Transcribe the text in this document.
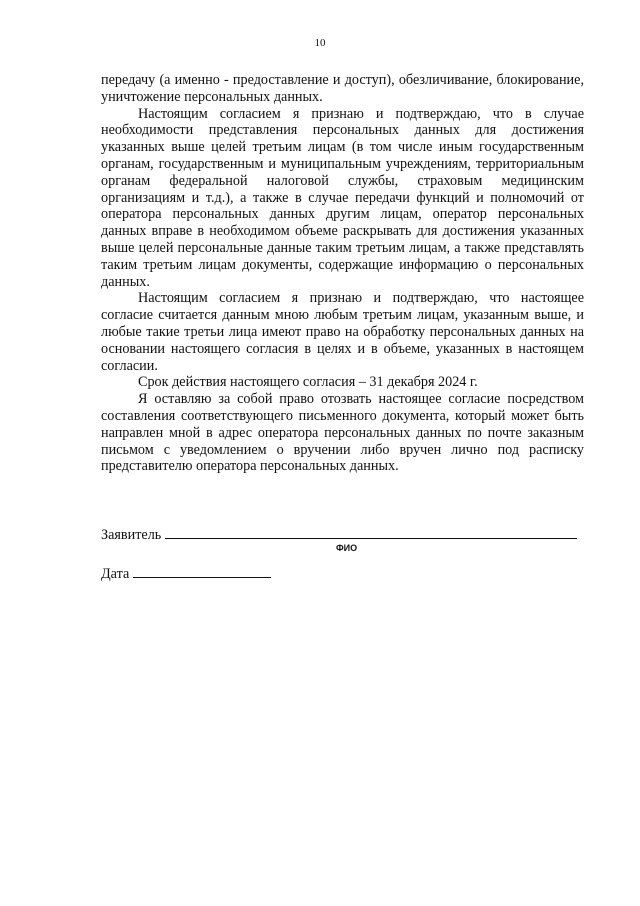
10

передачу (а именно - предоставление и доступ), обезличивание, блокирование, уничтожение персональных данных.

Настоящим согласием я признаю и подтверждаю, что в случае необходимости представления персональных данных для достижения указанных выше целей третьим лицам (в том числе иным государственным органам, государственным и муниципальным учреждениям, территориальным органам федеральной налоговой службы, страховым медицинским организациям и т.д.), а также в случае передачи функций и полномочий от оператора персональных данных другим лицам, оператор персональных данных вправе в необходимом объеме раскрывать для достижения указанных выше целей персональные данные таким третьим лицам, а также представлять таким третьим лицам документы, содержащие информацию о персональных данных.

Настоящим согласием я признаю и подтверждаю, что настоящее согласие считается данным мною любым третьим лицам, указанным выше, и любые такие третьи лица имеют право на обработку персональных данных на основании настоящего согласия в целях и в объеме, указанных в настоящем согласии.

Срок действия настоящего согласия – 31 декабря 2024 г.

Я оставляю за собой право отозвать настоящее согласие посредством составления соответствующего письменного документа, который может быть направлен мной в адрес оператора персональных данных по почте заказным письмом с уведомлением о вручении либо вручен лично под расписку представителю оператора персональных данных.

Заявитель
ФИО
Дата
